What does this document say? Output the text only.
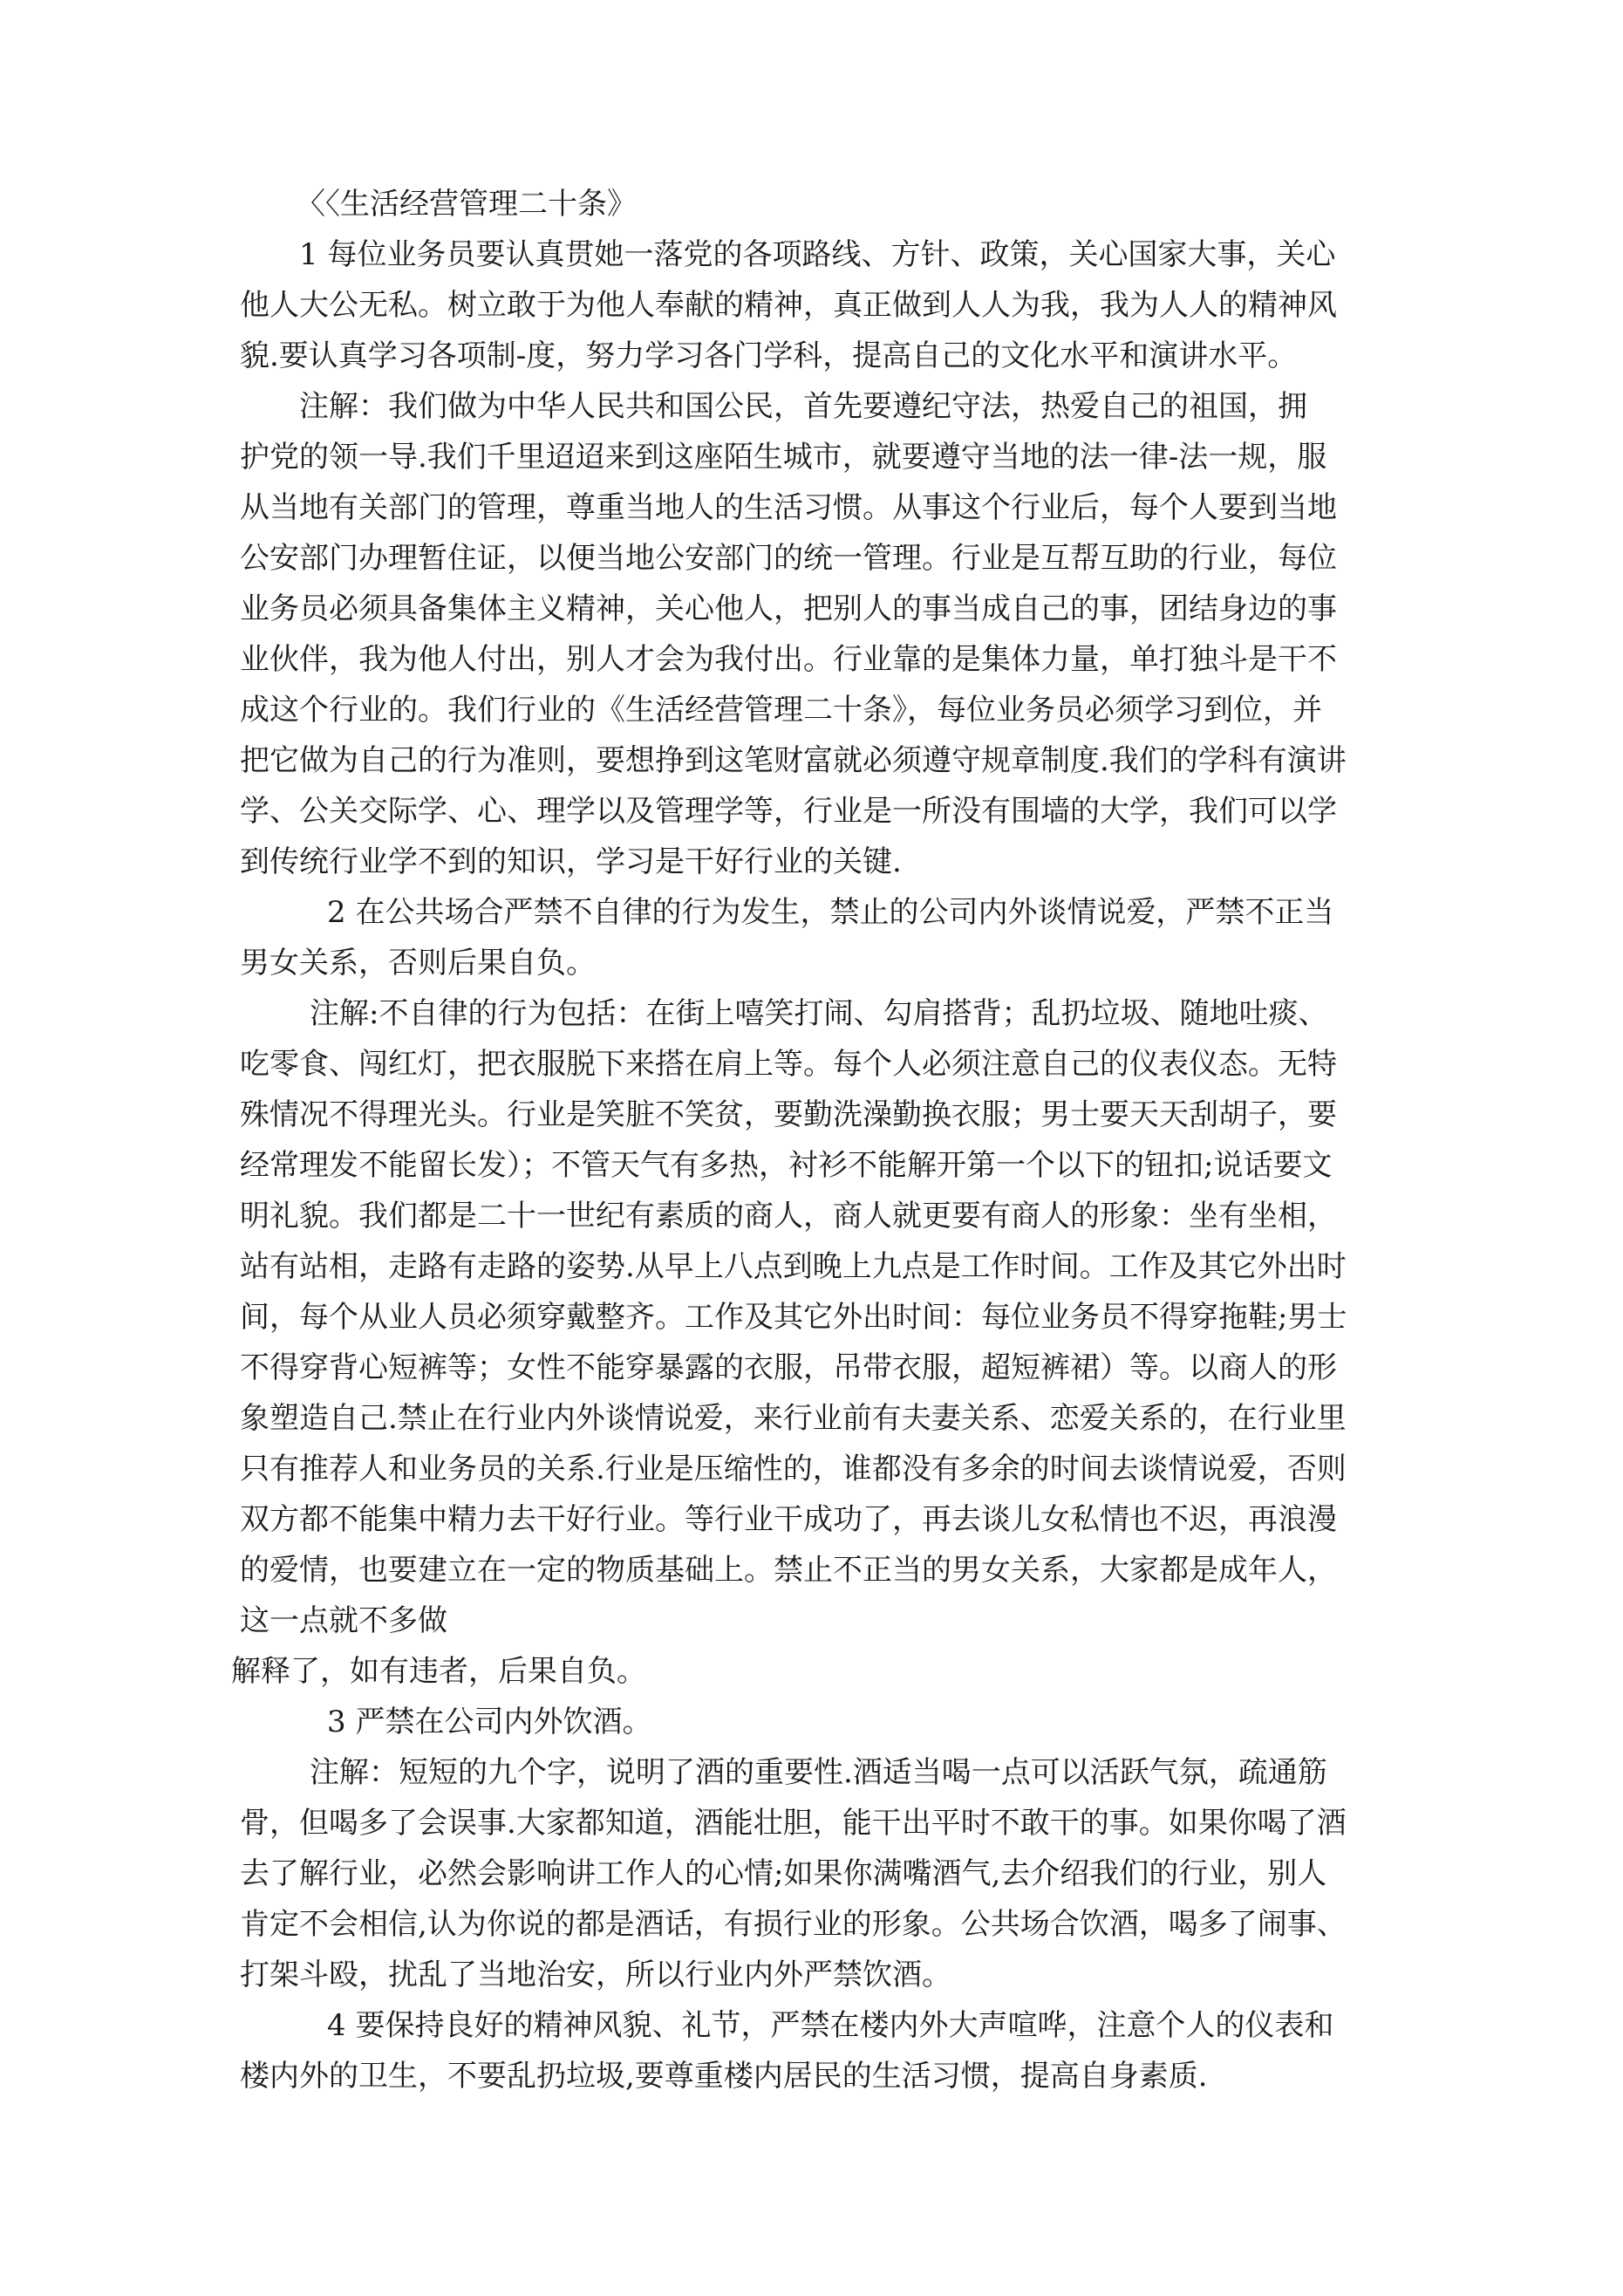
〈〈生活经营管理二十条》
1 每位业务员要认真贯她一落党的各项路线、方针、政策，关心国家大事，关心
他人大公无私。树立敢于为他人奉献的精神，真正做到人人为我，我为人人的精神风
貌.要认真学习各项制-度，努力学习各门学科，提高自己的文化水平和演讲水平。
注解：我们做为中华人民共和国公民，首先要遵纪守法，热爱自己的祖国，拥
护党的领一导.我们千里迢迢来到这座陌生城市，就要遵守当地的法一律-法一规，服
从当地有关部门的管理，尊重当地人的生活习惯。从事这个行业后，每个人要到当地
公安部门办理暂住证，以便当地公安部门的统一管理。行业是互帮互助的行业，每位
业务员必须具备集体主义精神，关心他人，把别人的事当成自己的事，团结身边的事
业伙伴，我为他人付出，别人才会为我付出。行业靠的是集体力量，单打独斗是干不
成这个行业的。我们行业的《生活经营管理二十条》，每位业务员必须学习到位，并
把它做为自己的行为准则，要想挣到这笔财富就必须遵守规章制度.我们的学科有演讲
学、公关交际学、心、理学以及管理学等，行业是一所没有围墙的大学，我们可以学
到传统行业学不到的知识，学习是干好行业的关键.
2 在公共场合严禁不自律的行为发生，禁止的公司内外谈情说爱，严禁不正当
男女关系，否则后果自负。
注解:不自律的行为包括：在街上嘻笑打闹、勾肩搭背；乱扔垃圾、随地吐痰、
吃零食、闯红灯，把衣服脱下来搭在肩上等。每个人必须注意自己的仪表仪态。无特
殊情况不得理光头。行业是笑脏不笑贫，要勤洗澡勤换衣服；男士要天天刮胡子，要
经常理发不能留长发）；不管天气有多热，衬衫不能解开第一个以下的钮扣;说话要文
明礼貌。我们都是二十一世纪有素质的商人，商人就更要有商人的形象：坐有坐相，
站有站相，走路有走路的姿势.从早上八点到晚上九点是工作时间。工作及其它外出时
间，每个从业人员必须穿戴整齐。工作及其它外出时间：每位业务员不得穿拖鞋;男士
不得穿背心短裤等；女性不能穿暴露的衣服，吊带衣服，超短裤裙）等。以商人的形
象塑造自己.禁止在行业内外谈情说爱，来行业前有夫妻关系、恋爱关系的，在行业里
只有推荐人和业务员的关系.行业是压缩性的，谁都没有多余的时间去谈情说爱，否则
双方都不能集中精力去干好行业。等行业干成功了，再去谈儿女私情也不迟，再浪漫
的爱情，也要建立在一定的物质基础上。禁止不正当的男女关系，大家都是成年人，
这一点就不多做
解释了，如有违者，后果自负。
3 严禁在公司内外饮酒。
注解：短短的九个字，说明了酒的重要性.酒适当喝一点可以活跃气氛，疏通筋
骨，但喝多了会误事.大家都知道，酒能壮胆，能干出平时不敢干的事。如果你喝了酒
去了解行业，必然会影响讲工作人的心情;如果你满嘴酒气,去介绍我们的行业，别人
肯定不会相信,认为你说的都是酒话，有损行业的形象。公共场合饮酒，喝多了闹事、
打架斗殴，扰乱了当地治安，所以行业内外严禁饮酒。
4 要保持良好的精神风貌、礼节，严禁在楼内外大声喧哗，注意个人的仪表和
楼内外的卫生，不要乱扔垃圾,要尊重楼内居民的生活习惯，提高自身素质.
